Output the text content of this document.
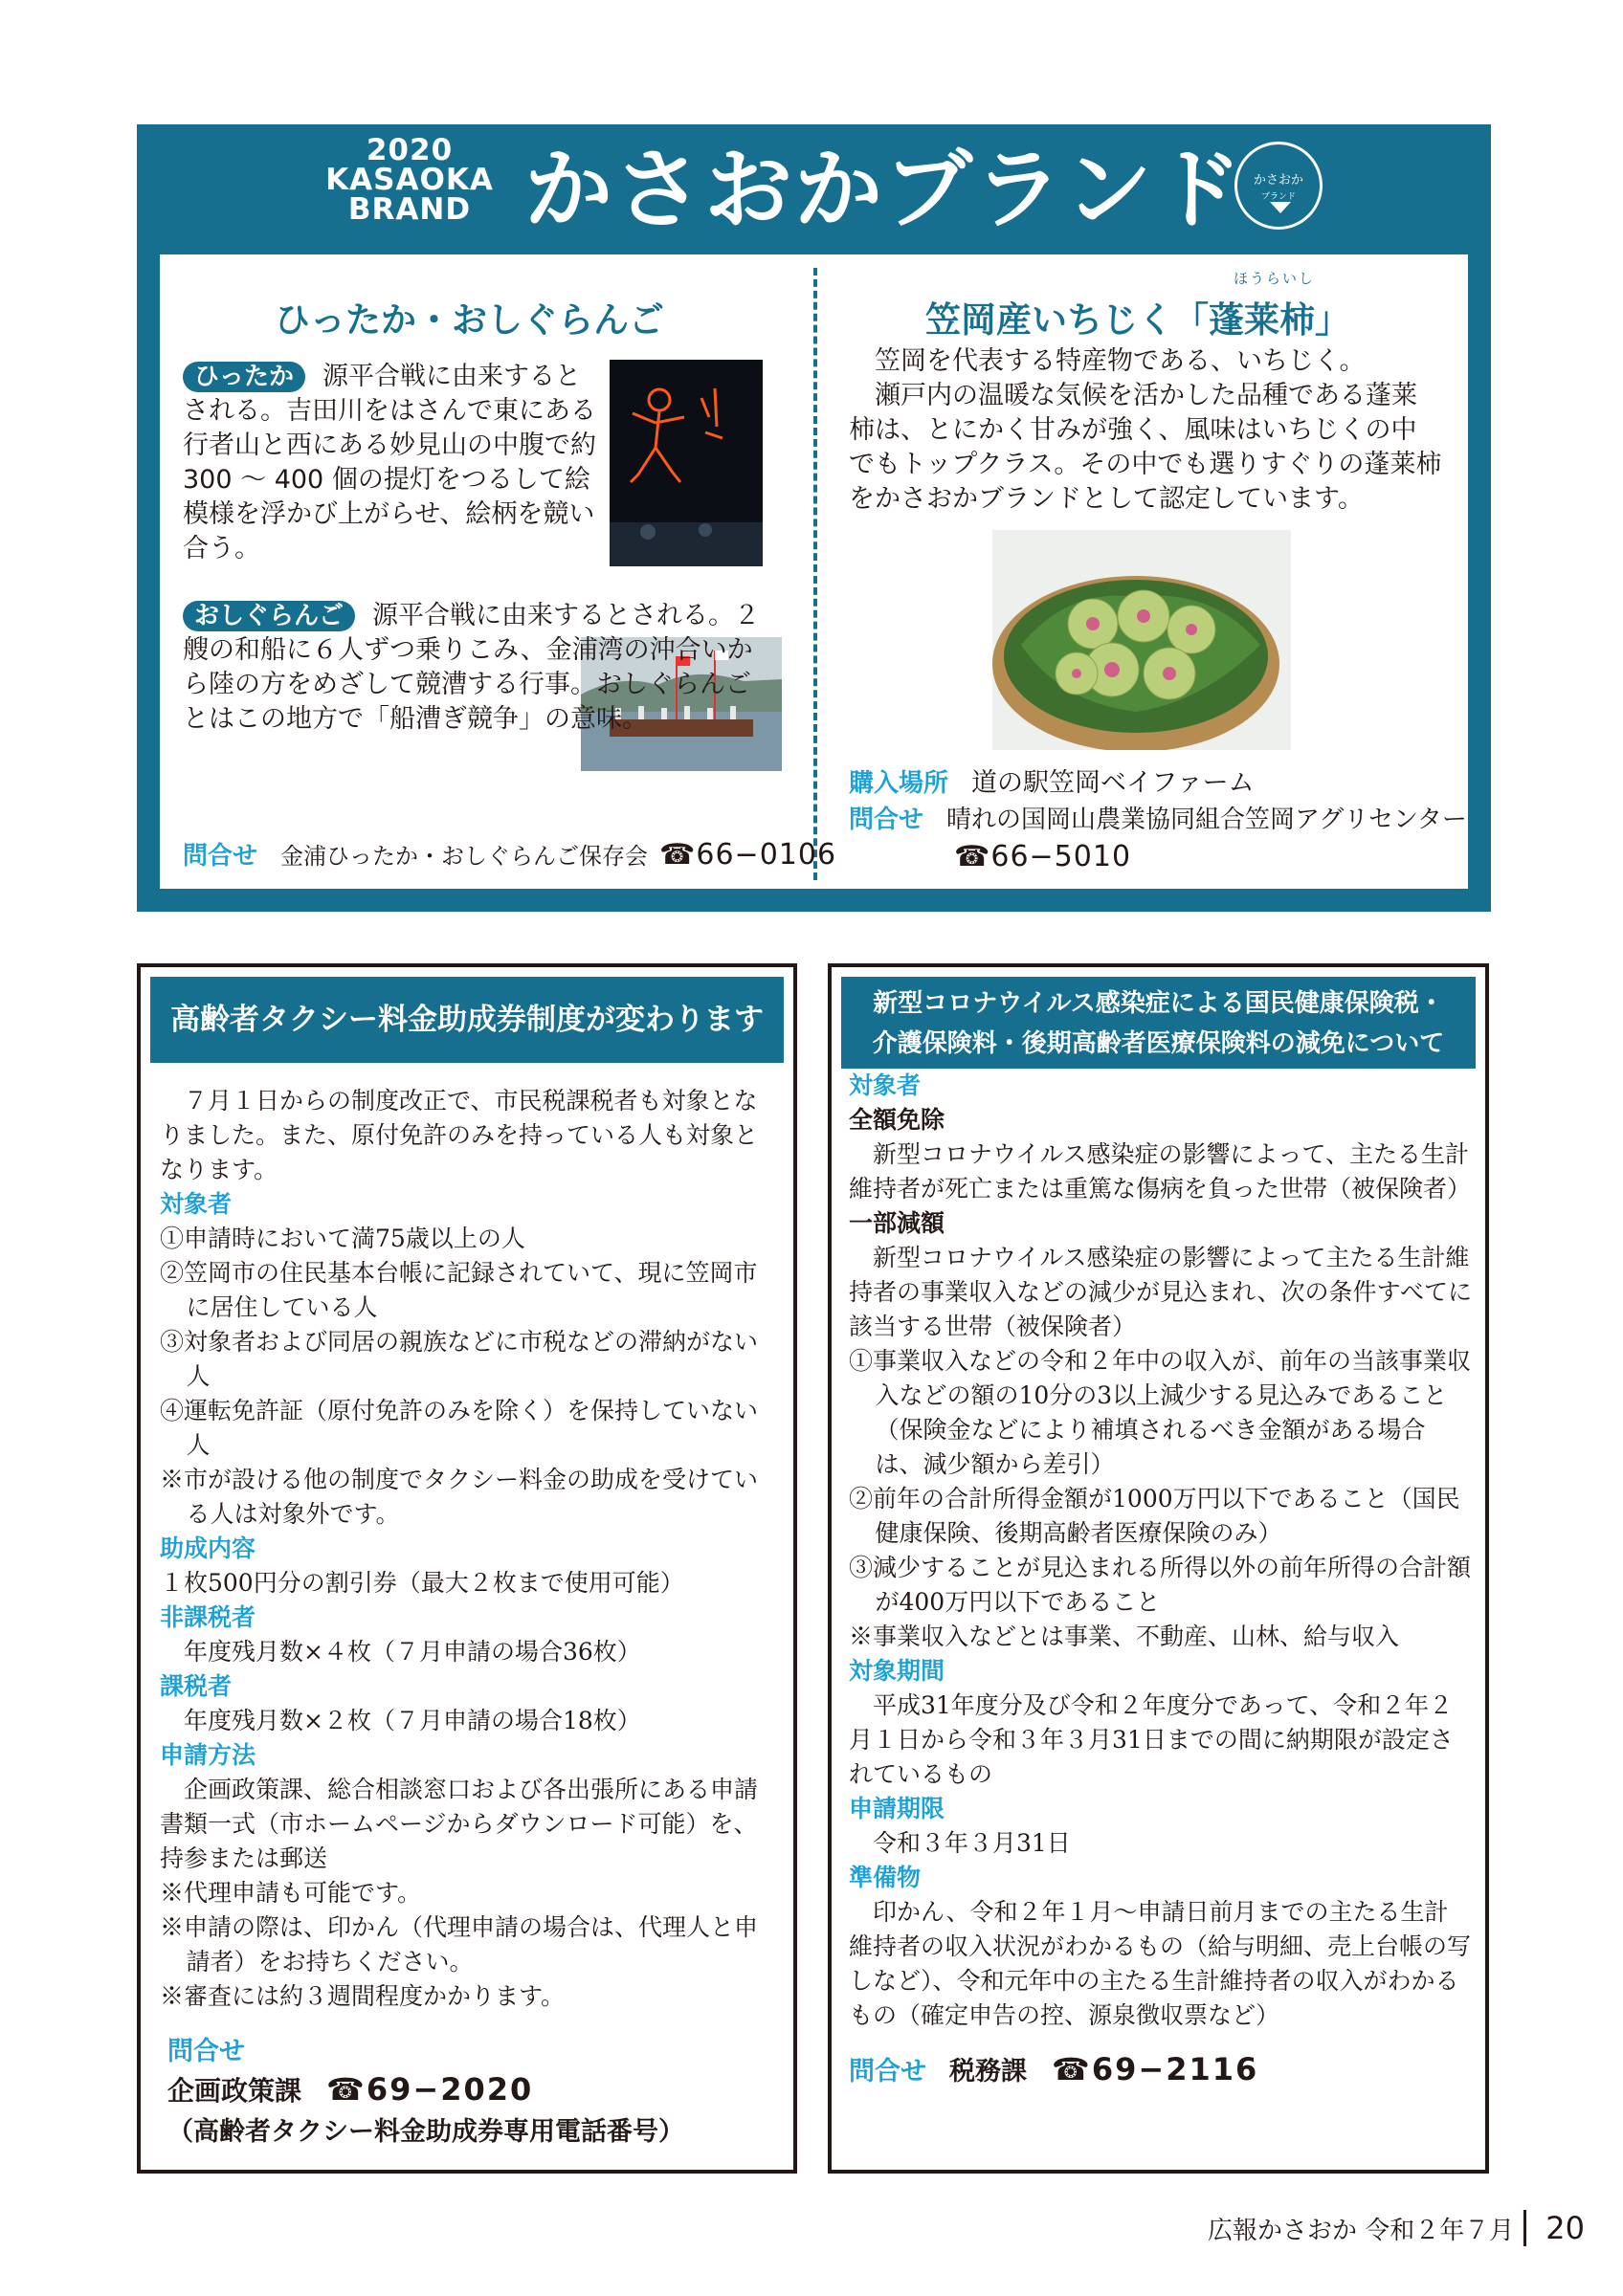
2020
KASAOKA
BRAND かさおかブランド かさおか
ブランド
ひったか・おしぐらんご
ひったか 源平合戦に由来するとされる。吉田川をはさんで東にある行者山と西にある妙見山の中腹で約 300 〜 400 個の提灯をつるして絵模様を浮かび上がらせ、絵柄を競い合う。
おしぐらんご 源平合戦に由来するとされる。２艘の和船に６人ずつ乗りこみ、金浦湾の沖合いから陸の方をめざして競漕する行事。おしぐらんごとはこの地方で「船漕ぎ競争」の意味。
問合せ 金浦ひったか・おしぐらんご保存会 ☎66−0106
ほうらいし
笠岡産いちじく「蓬莱柿」

笠岡を代表する特産物である、いちじく。

瀬戸内の温暖な気候を活かした品種である蓬莱柿は、とにかく甘みが強く、風味はいちじくの中でもトップクラス。その中でも選りすぐりの蓬莱柿をかさおかブランドとして認定しています。

購入場所 道の駅笠岡ベイファーム
問合せ 晴れの国岡山農業協同組合笠岡アグリセンター
☎66−5010
高齢者タクシー料金助成券制度が変わります

７月１日からの制度改正で、市民税課税者も対象となりました。また、原付免許のみを持っている人も対象となります。

対象者

①申請時において満75歳以上の人

②笠岡市の住民基本台帳に記録されていて、現に笠岡市に居住している人

③対象者および同居の親族などに市税などの滞納がない人

④運転免許証（原付免許のみを除く）を保持していない人

※市が設ける他の制度でタクシー料金の助成を受けている人は対象外です。

助成内容

１枚500円分の割引券（最大２枚まで使用可能）

非課税者

年度残月数×４枚（７月申請の場合36枚）

課税者

年度残月数×２枚（７月申請の場合18枚）

申請方法

企画政策課、総合相談窓口および各出張所にある申請書類一式（市ホームページからダウンロード可能）を、持参または郵送

※代理申請も可能です。

※申請の際は、印かん（代理申請の場合は、代理人と申請者）をお持ちください。

※審査には約３週間程度かかります。

問合せ

企画政策課 ☎69−2020

（高齢者タクシー料金助成券専用電話番号）

新型コロナウイルス感染症による国民健康保険税・
介護保険料・後期高齢者医療保険料の減免について

対象者

全額免除

新型コロナウイルス感染症の影響によって、主たる生計維持者が死亡または重篤な傷病を負った世帯（被保険者）

一部減額

新型コロナウイルス感染症の影響によって主たる生計維持者の事業収入などの減少が見込まれ、次の条件すべてに該当する世帯（被保険者）

①事業収入などの令和２年中の収入が、前年の当該事業収入などの額の10分の3以上減少する見込みであること（保険金などにより補填されるべき金額がある場合は、減少額から差引）

②前年の合計所得金額が1000万円以下であること（国民健康保険、後期高齢者医療保険のみ）

③減少することが見込まれる所得以外の前年所得の合計額が400万円以下であること

※事業収入などとは事業、不動産、山林、給与収入

対象期間

平成31年度分及び令和２年度分であって、令和２年２月１日から令和３年３月31日までの間に納期限が設定されているもの

申請期限

令和３年３月31日

準備物

印かん、令和２年１月〜申請日前月までの主たる生計維持者の収入状況がわかるもの（給与明細、売上台帳の写しなど）、令和元年中の主たる生計維持者の収入がわかるもの（確定申告の控、源泉徴収票など）

問合せ 税務課 ☎69−2116

広報かさおか 令和２年７月 20
